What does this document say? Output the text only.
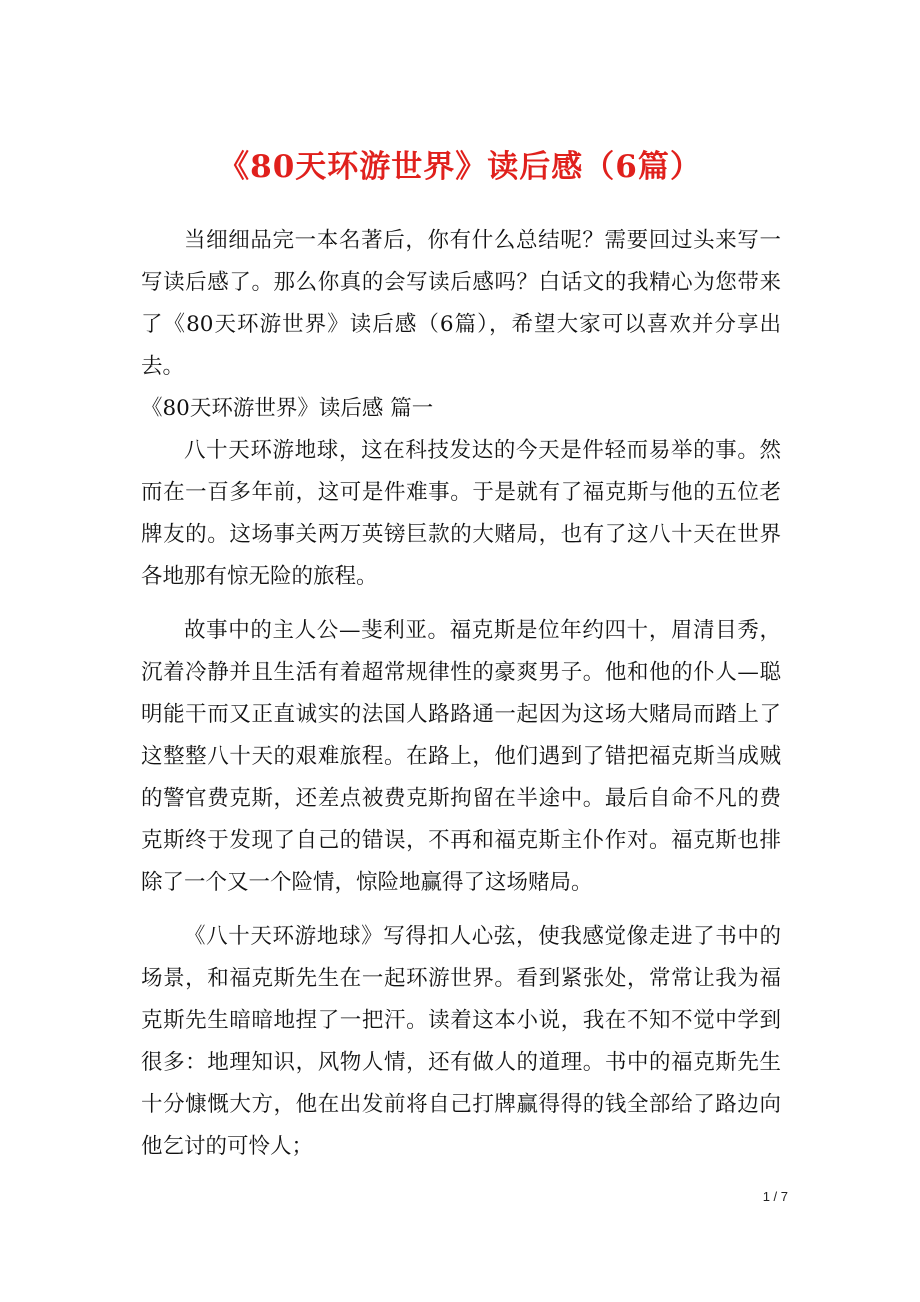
《80天环游世界》读后感（6篇）

当细细品完一本名著后，你有什么总结呢？需要回过头来写一写读后感了。那么你真的会写读后感吗？白话文的我精心为您带来了《80天环游世界》读后感（6篇），希望大家可以喜欢并分享出去。

《80天环游世界》读后感 篇一

八十天环游地球，这在科技发达的今天是件轻而易举的事。然而在一百多年前，这可是件难事。于是就有了福克斯与他的五位老牌友的。这场事关两万英镑巨款的大赌局，也有了这八十天在世界各地那有惊无险的旅程。

故事中的主人公—斐利亚。福克斯是位年约四十，眉清目秀，沉着冷静并且生活有着超常规律性的豪爽男子。他和他的仆人—聪明能干而又正直诚实的法国人路路通一起因为这场大赌局而踏上了这整整八十天的艰难旅程。在路上，他们遇到了错把福克斯当成贼的警官费克斯，还差点被费克斯拘留在半途中。最后自命不凡的费克斯终于发现了自己的错误，不再和福克斯主仆作对。福克斯也排除了一个又一个险情，惊险地赢得了这场赌局。

《八十天环游地球》写得扣人心弦，使我感觉像走进了书中的场景，和福克斯先生在一起环游世界。看到紧张处，常常让我为福克斯先生暗暗地捏了一把汗。读着这本小说，我在不知不觉中学到很多：地理知识，风物人情，还有做人的道理。书中的福克斯先生十分慷慨大方，他在出发前将自己打牌赢得得的钱全部给了路边向他乞讨的可怜人；

1 / 7
